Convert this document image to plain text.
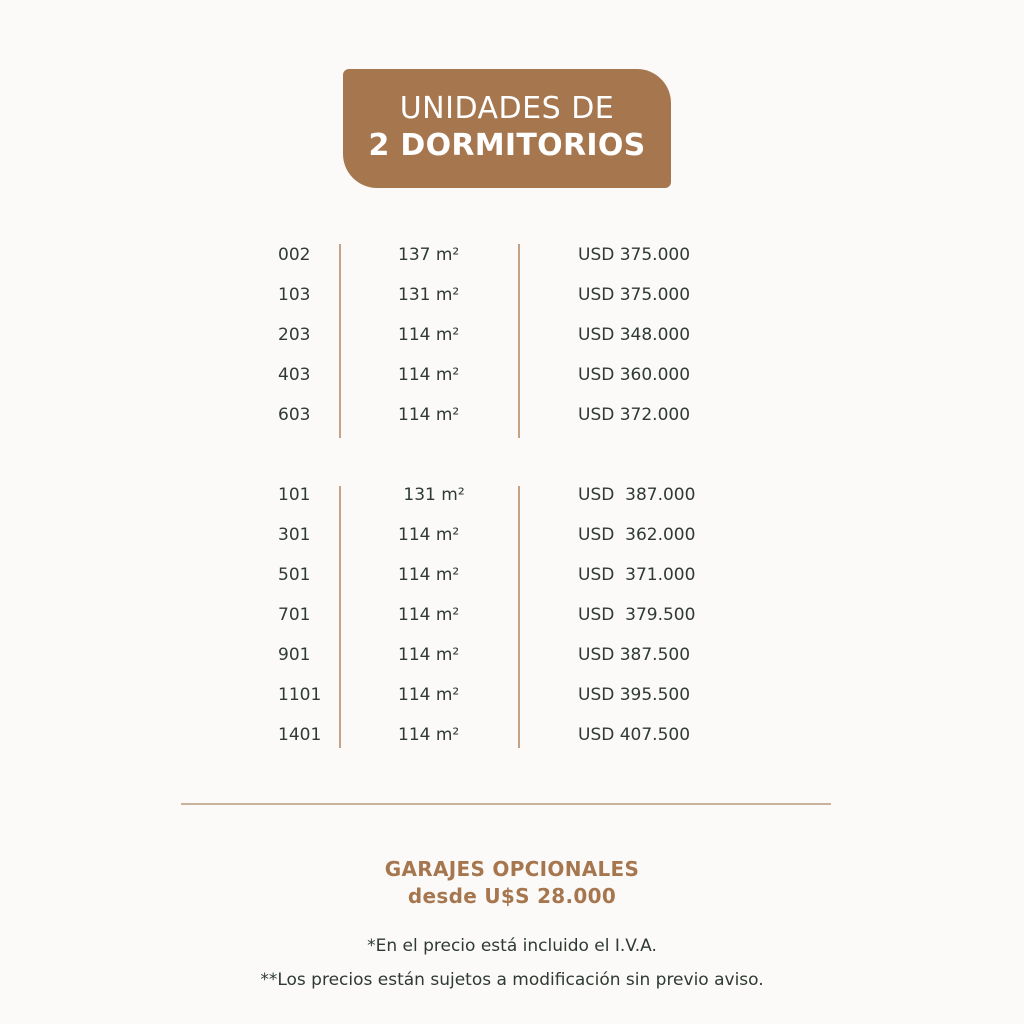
UNIDADES DE
2 DORMITORIOS
002	137 m²	USD 375.000
103	131 m²	USD 375.000
203	114 m²	USD 348.000
403	114 m²	USD 360.000
603	114 m²	USD 372.000
101	131 m²	USD  387.000
301	114 m²	USD  362.000
501	114 m²	USD  371.000
701	114 m²	USD  379.500
901	114 m²	USD 387.500
1101	114 m²	USD 395.500
1401	114 m²	USD 407.500
GARAJES OPCIONALES
desde U$S 28.000
*En el precio está incluido el I.V.A.
**Los precios están sujetos a modificación sin previo aviso.
